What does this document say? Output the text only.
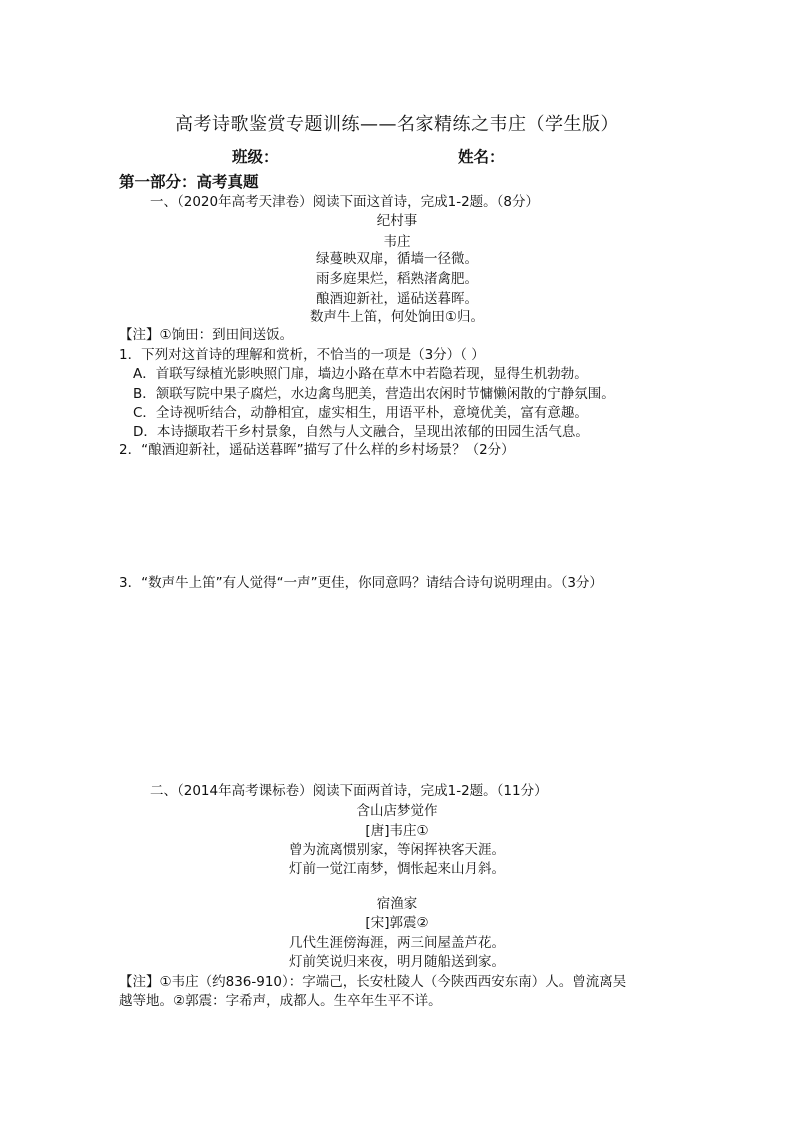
高考诗歌鉴赏专题训练——名家精练之韦庄（学生版）
班级：	姓名：
第一部分：高考真题
一、（2020年高考天津卷）阅读下面这首诗，完成1-2题。（8分）
纪村事
韦庄
绿蔓映双扉，循墙一径微。
雨多庭果烂，稻熟渚禽肥。
酿酒迎新社，遥砧送暮晖。
数声牛上笛，何处饷田①归。
【注】①饷田：到田间送饭。
1．下列对这首诗的理解和赏析，不恰当的一项是（3分）（ ）
A．首联写绿植光影映照门扉，墙边小路在草木中若隐若现，显得生机勃勃。
B．颔联写院中果子腐烂，水边禽鸟肥美，营造出农闲时节慵懒闲散的宁静氛围。
C．全诗视听结合，动静相宜，虚实相生，用语平朴，意境优美，富有意趣。
D．本诗撷取若干乡村景象，自然与人文融合，呈现出浓郁的田园生活气息。
2．“酿酒迎新社，遥砧送暮晖”描写了什么样的乡村场景？（2分）
3．“数声牛上笛”有人觉得“一声”更佳，你同意吗？请结合诗句说明理由。（3分）
二、（2014年高考课标卷）阅读下面两首诗，完成1-2题。（11分）
含山店梦觉作
[唐]韦庄①
曾为流离惯别家，等闲挥袂客天涯。
灯前一觉江南梦，惆怅起来山月斜。
宿渔家
[宋]郭震②
几代生涯傍海涯，两三间屋盖芦花。
灯前笑说归来夜，明月随船送到家。
【注】①韦庄（约836-910）：字端己，长安杜陵人（今陕西西安东南）人。曾流离吴
越等地。②郭震：字希声，成都人。生卒年生平不详。
